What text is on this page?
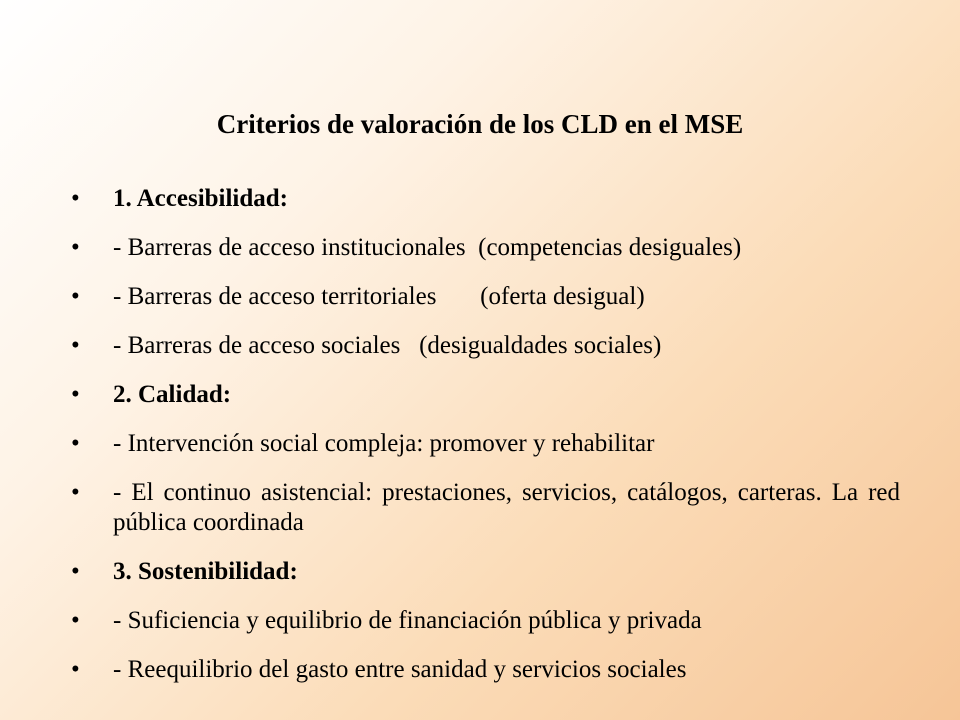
Criterios de valoración de los CLD en el MSE
• 1. Accesibilidad:
• - Barreras de acceso institucionales  (competencias desiguales)
• - Barreras de acceso territoriales       (oferta desigual)
• - Barreras de acceso sociales   (desigualdades sociales)
• 2. Calidad:
• - Intervención social compleja: promover y rehabilitar
• - El continuo asistencial: prestaciones, servicios, catálogos, carteras. La red pública coordinada
• 3. Sostenibilidad:
• - Suficiencia y equilibrio de financiación pública y privada
• - Reequilibrio del gasto entre sanidad y servicios sociales
